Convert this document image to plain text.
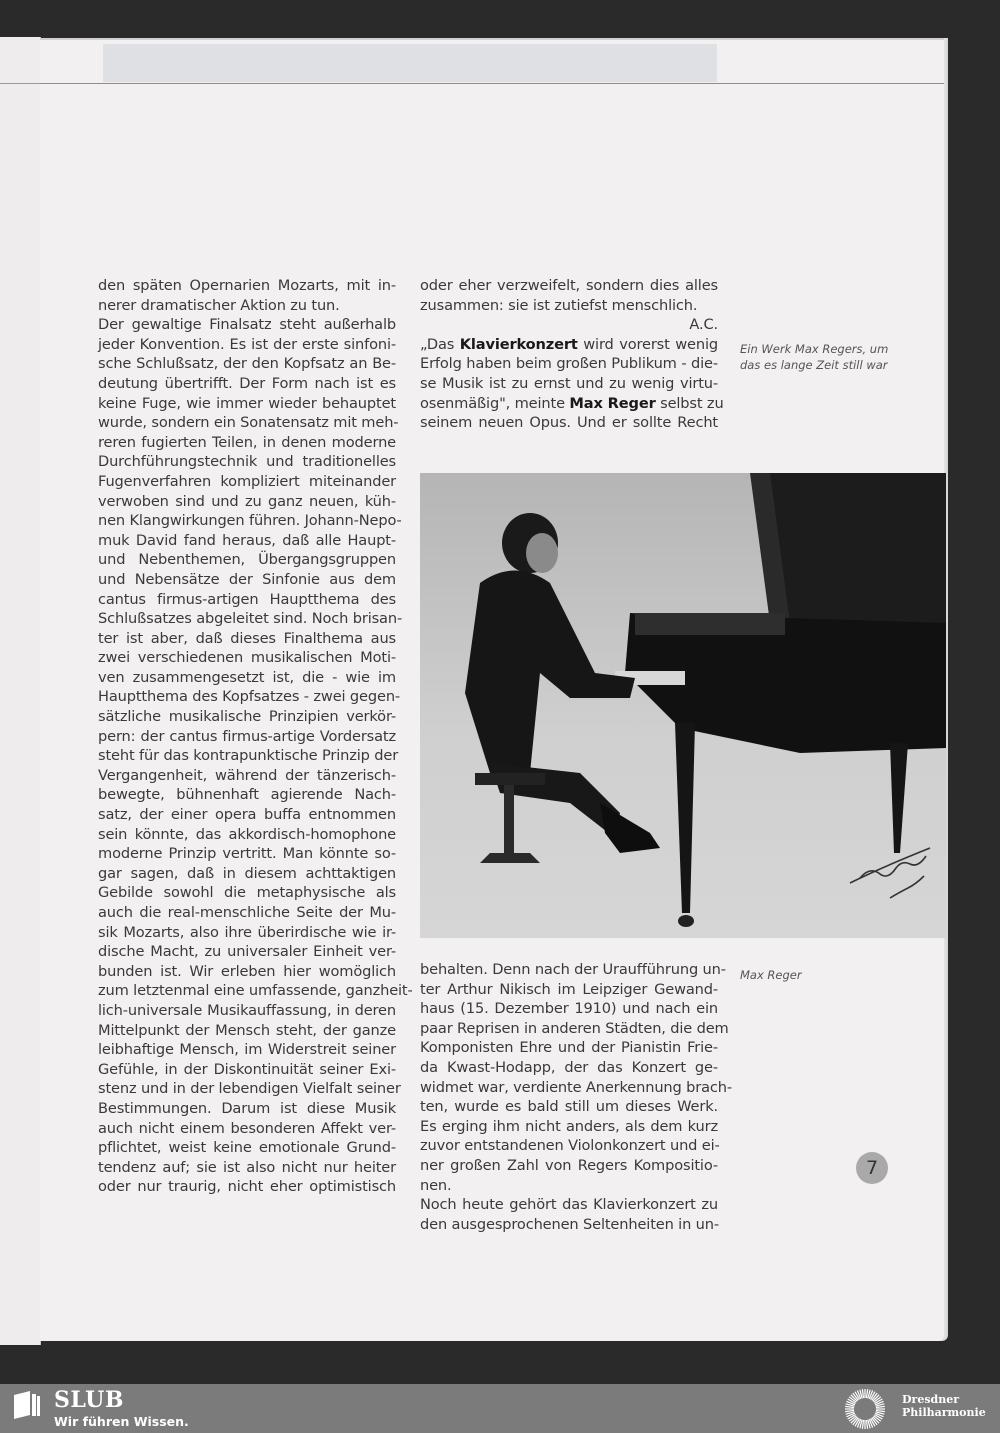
den späten Opernarien Mozarts, mit in-
nerer dramatischer Aktion zu tun.
Der gewaltige Finalsatz steht außerhalb
jeder Konvention. Es ist der erste sinfoni-
sche Schlußsatz, der den Kopfsatz an Be-
deutung übertrifft. Der Form nach ist es
keine Fuge, wie immer wieder behauptet
wurde, sondern ein Sonatensatz mit meh-
reren fugierten Teilen, in denen moderne
Durchführungstechnik und traditionelles
Fugenverfahren kompliziert miteinander
verwoben sind und zu ganz neuen, küh-
nen Klangwirkungen führen. Johann-Nepo-
muk David fand heraus, daß alle Haupt-
und Nebenthemen, Übergangsgruppen
und Nebensätze der Sinfonie aus dem
cantus firmus-artigen Hauptthema des
Schlußsatzes abgeleitet sind. Noch brisan-
ter ist aber, daß dieses Finalthema aus
zwei verschiedenen musikalischen Moti-
ven zusammengesetzt ist, die - wie im
Hauptthema des Kopfsatzes - zwei gegen-
sätzliche musikalische Prinzipien verkör-
pern: der cantus firmus-artige Vordersatz
steht für das kontrapunktische Prinzip der
Vergangenheit, während der tänzerisch-
bewegte, bühnenhaft agierende Nach-
satz, der einer opera buffa entnommen
sein könnte, das akkordisch-homophone
moderne Prinzip vertritt. Man könnte so-
gar sagen, daß in diesem achttaktigen
Gebilde sowohl die metaphysische als
auch die real-menschliche Seite der Mu-
sik Mozarts, also ihre überirdische wie ir-
dische Macht, zu universaler Einheit ver-
bunden ist. Wir erleben hier womöglich
zum letztenmal eine umfassende, ganzheit-
lich-universale Musikauffassung, in deren
Mittelpunkt der Mensch steht, der ganze
leibhaftige Mensch, im Widerstreit seiner
Gefühle, in der Diskontinuität seiner Exi-
stenz und in der lebendigen Vielfalt seiner
Bestimmungen. Darum ist diese Musik
auch nicht einem besonderen Affekt ver-
pflichtet, weist keine emotionale Grund-
tendenz auf; sie ist also nicht nur heiter
oder nur traurig, nicht eher optimistisch
oder eher verzweifelt, sondern dies alles
zusammen: sie ist zutiefst menschlich.
A.C.
„Das Klavierkonzert wird vorerst wenig
Erfolg haben beim großen Publikum - die-
se Musik ist zu ernst und zu wenig virtu-
osenmäßig", meinte Max Reger selbst zu
seinem neuen Opus. Und er sollte Recht
Ein Werk Max Regers, um
das es lange Zeit still war
behalten. Denn nach der Uraufführung un-
ter Arthur Nikisch im Leipziger Gewand-
haus (15. Dezember 1910) und nach ein
paar Reprisen in anderen Städten, die dem
Komponisten Ehre und der Pianistin Frie-
da Kwast-Hodapp, der das Konzert ge-
widmet war, verdiente Anerkennung brach-
ten, wurde es bald still um dieses Werk.
Es erging ihm nicht anders, als dem kurz
zuvor entstandenen Violonkonzert und ei-
ner großen Zahl von Regers Kompositio-
nen.
Noch heute gehört das Klavierkonzert zu
den ausgesprochenen Seltenheiten in un-
Max Reger
7
SLUB
Wir führen Wissen.
Dresdner
Philharmonie
